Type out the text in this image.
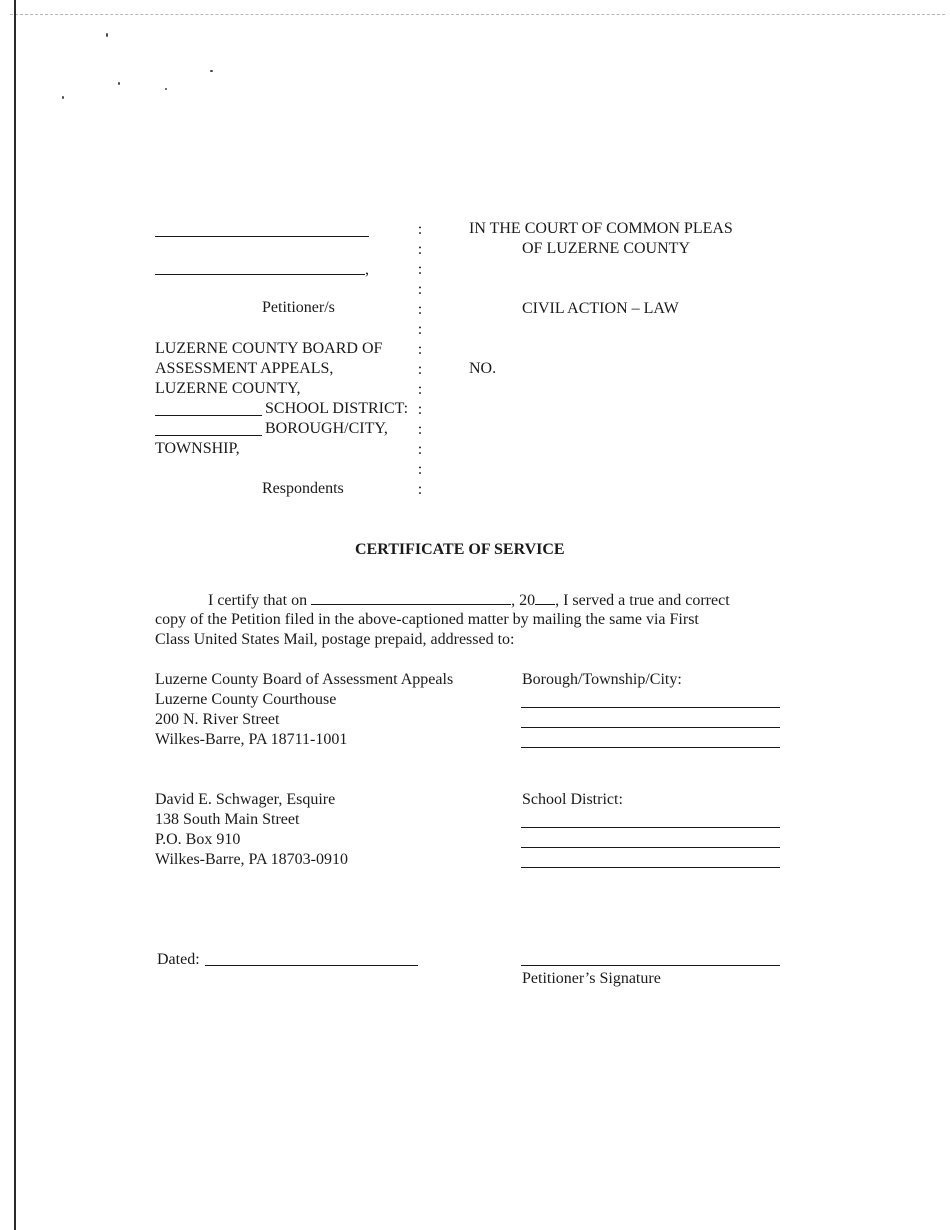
,
Petitioner/s
LUZERNE COUNTY BOARD OF
ASSESSMENT APPEALS,
LUZERNE COUNTY,
SCHOOL DISTRICT:
BOROUGH/CITY,
TOWNSHIP,
Respondents
:
:
:
:
:
:
:
:
:
:
:
:
:
:
IN THE COURT OF COMMON PLEAS
OF LUZERNE COUNTY
CIVIL ACTION – LAW
NO.
CERTIFICATE OF SERVICE
I certify that on	, 20 , I served a true and correct
copy of the Petition filed in the above-captioned matter by mailing the same via First
Class United States Mail, postage prepaid, addressed to:
Luzerne County Board of Assessment Appeals
Luzerne County Courthouse
200 N. River Street
Wilkes-Barre, PA 18711-1001
Borough/Township/City:
David E. Schwager, Esquire
138 South Main Street
P.O. Box 910
Wilkes-Barre, PA 18703-0910
School District:
Dated:
Petitioner’s Signature
